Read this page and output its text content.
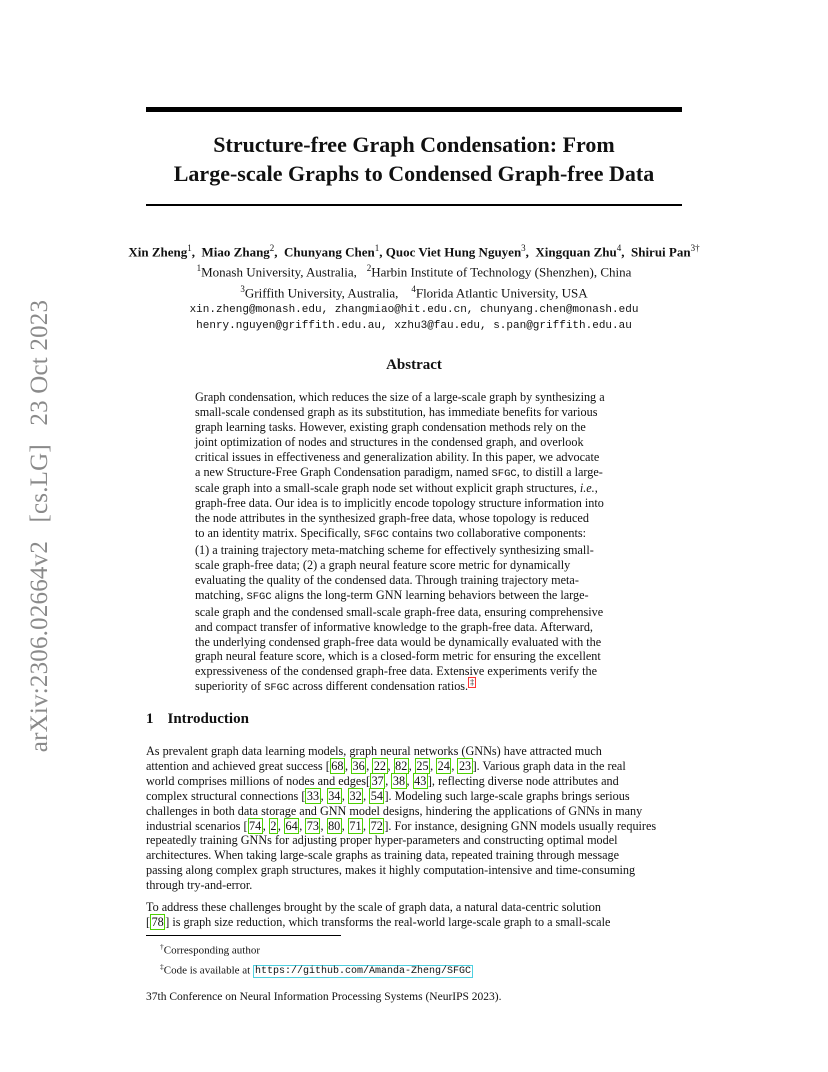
arXiv:2306.02664v2 [cs.LG] 23 Oct 2023
Structure-free Graph Condensation: From
Large-scale Graphs to Condensed Graph-free Data
Xin Zheng$^1$,  Miao Zhang$^2$,  Chunyang Chen$^1$, Quoc Viet Hung Nguyen$^3$,  Xingquan Zhu$^4$,  Shirui Pan$^{3\dagger}$
$^1$Monash University, Australia, $^2$Harbin Institute of Technology (Shenzhen), China
$^3$Griffith University, Australia, $^4$Florida Atlantic University, USA
xin.zheng@monash.edu, zhangmiao@hit.edu.cn, chunyang.chen@monash.edu
henry.nguyen@griffith.edu.au, xzhu3@fau.edu, s.pan@griffith.edu.au
Abstract
Graph condensation, which reduces the size of a large-scale graph by synthesizing a
small-scale condensed graph as its substitution, has immediate benefits for various
graph learning tasks. However, existing graph condensation methods rely on the
joint optimization of nodes and structures in the condensed graph, and overlook
critical issues in effectiveness and generalization ability. In this paper, we advocate
a new Structure-Free Graph Condensation paradigm, named SFGC, to distill a large-
scale graph into a small-scale graph node set without explicit graph structures, i.e.,
graph-free data. Our idea is to implicitly encode topology structure information into
the node attributes in the synthesized graph-free data, whose topology is reduced
to an identity matrix. Specifically, SFGC contains two collaborative components:
(1) a training trajectory meta-matching scheme for effectively synthesizing small-
scale graph-free data; (2) a graph neural feature score metric for dynamically
evaluating the quality of the condensed data. Through training trajectory meta-
matching, SFGC aligns the long-term GNN learning behaviors between the large-
scale graph and the condensed small-scale graph-free data, ensuring comprehensive
and compact transfer of informative knowledge to the graph-free data. Afterward,
the underlying condensed graph-free data would be dynamically evaluated with the
graph neural feature score, which is a closed-form metric for ensuring the excellent
expressiveness of the condensed graph-free data. Extensive experiments verify the
superiority of SFGC across different condensation ratios. ‡
1 Introduction
As prevalent graph data learning models, graph neural networks (GNNs) have attracted much
attention and achieved great success [ 68 , 36 , 22 , 82 , 25 , 24 , 23 ]. Various graph data in the real
world comprises millions of nodes and edges[ 37 , 38 , 43 ], reflecting diverse node attributes and
complex structural connections [ 33 , 34 , 32 , 54 ]. Modeling such large-scale graphs brings serious
challenges in both data storage and GNN model designs, hindering the applications of GNNs in many
industrial scenarios [ 74 , 2 , 64 , 73 , 80 , 71 , 72 ]. For instance, designing GNN models usually requires
repeatedly training GNNs for adjusting proper hyper-parameters and constructing optimal model
architectures. When taking large-scale graphs as training data, repeated training through message
passing along complex graph structures, makes it highly computation-intensive and time-consuming
through try-and-error.
To address these challenges brought by the scale of graph data, a natural data-centric solution
[ 78 ] is graph size reduction, which transforms the real-world large-scale graph to a small-scale
†Corresponding author
‡Code is available at https://github.com/Amanda-Zheng/SFGC
37th Conference on Neural Information Processing Systems (NeurIPS 2023).
